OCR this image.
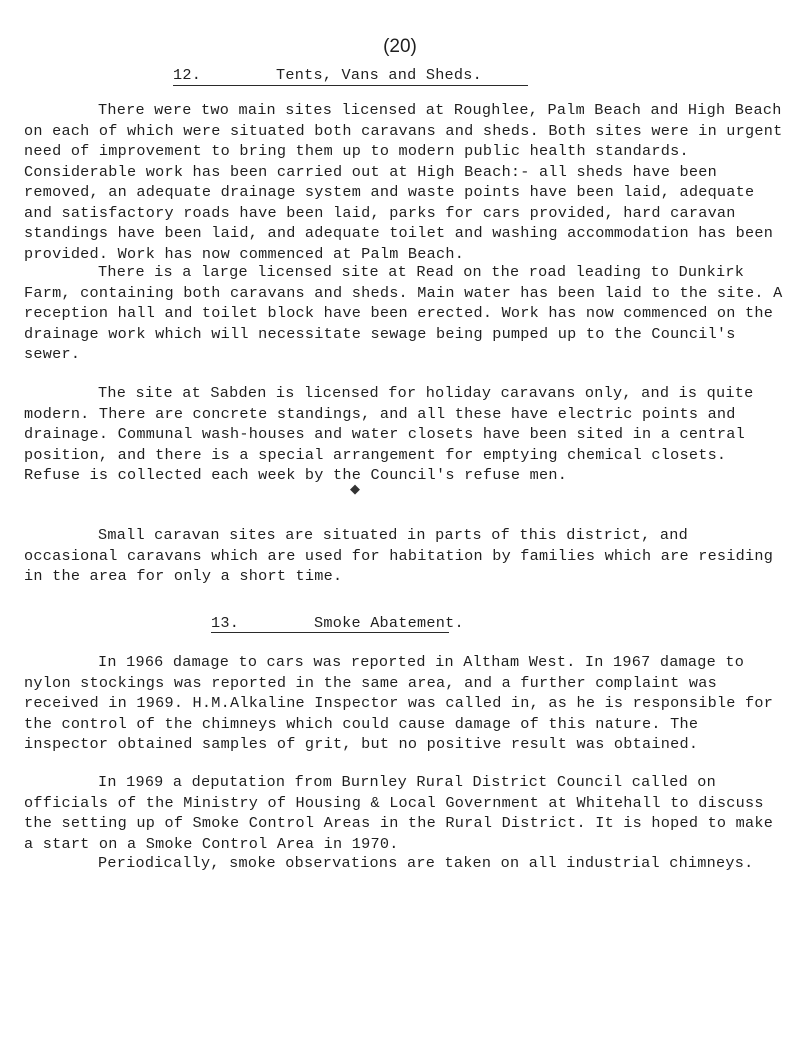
(20)
12.        Tents, Vans and Sheds.

There were two main sites licensed at Roughlee, Palm Beach and High Beach on each of which were situated both caravans and sheds. Both sites were in urgent need of improvement to bring them up to modern public health standards. Considerable work has been carried out at High Beach:- all sheds have been removed, an adequate drainage system and waste points have been laid, adequate and satisfactory roads have been laid, parks for cars provided, hard caravan standings have been laid, and adequate toilet and washing accommodation has been provided. Work has now commenced at Palm Beach.

There is a large licensed site at Read on the road leading to Dunkirk Farm, containing both caravans and sheds. Main water has been laid to the site. A reception hall and toilet block have been erected. Work has now commenced on the drainage work which will necessitate sewage being pumped up to the Council's sewer.

The site at Sabden is licensed for holiday caravans only, and is quite modern. There are concrete standings, and all these have electric points and drainage. Communal wash-houses and water closets have been sited in a central position, and there is a special arrangement for emptying chemical closets. Refuse is collected each week by the Council's refuse men.

◆

Small caravan sites are situated in parts of this district, and occasional caravans which are used for habitation by families which are residing in the area for only a short time.

13.        Smoke Abatement.

In 1966 damage to cars was reported in Altham West. In 1967 damage to nylon stockings was reported in the same area, and a further complaint was received in 1969. H.M.Alkaline Inspector was called in, as he is responsible for the control of the chimneys which could cause damage of this nature. The inspector obtained samples of grit, but no positive result was obtained.

In 1969 a deputation from Burnley Rural District Council called on officials of the Ministry of Housing & Local Government at Whitehall to discuss the setting up of Smoke Control Areas in the Rural District. It is hoped to make a start on a Smoke Control Area in 1970.

Periodically, smoke observations are taken on all industrial chimneys.
